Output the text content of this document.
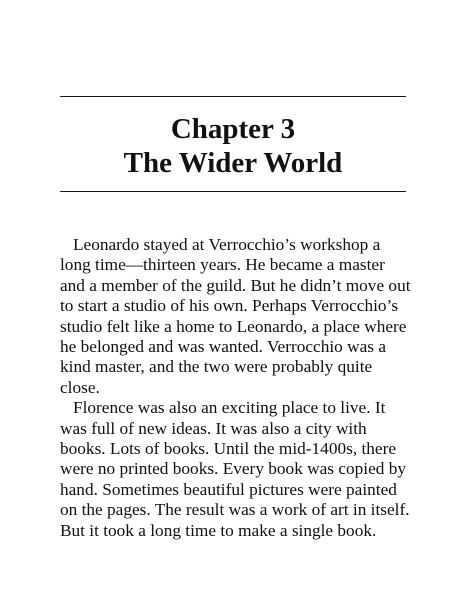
Chapter 3
The Wider World
Leonardo stayed at Verrocchio’s workshop a
long time—thirteen years. He became a master
and a member of the guild. But he didn’t move out
to start a studio of his own. Perhaps Verrocchio’s
studio felt like a home to Leonardo, a place where
he belonged and was wanted. Verrocchio was a
kind master, and the two were probably quite
close.
Florence was also an exciting place to live. It
was full of new ideas. It was also a city with
books. Lots of books. Until the mid-1400s, there
were no printed books. Every book was copied by
hand. Sometimes beautiful pictures were painted
on the pages. The result was a work of art in itself.
But it took a long time to make a single book.
